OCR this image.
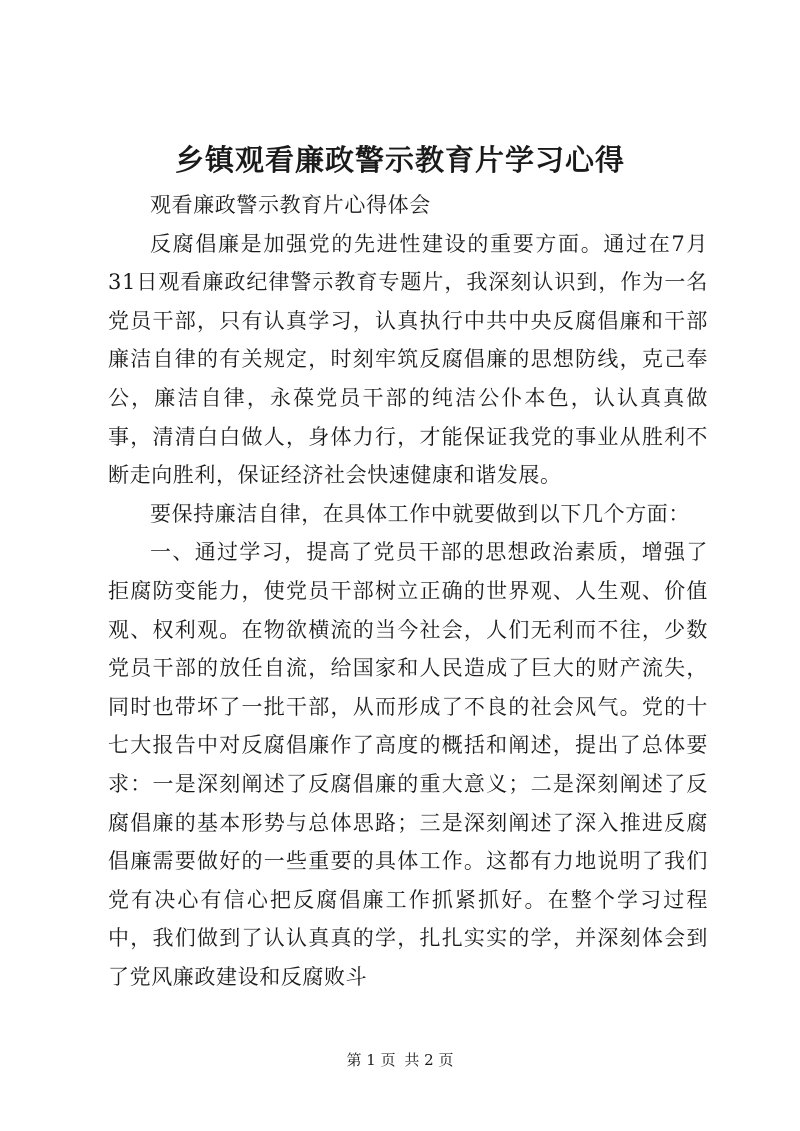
乡镇观看廉政警示教育片学习心得

观看廉政警示教育片心得体会

反腐倡廉是加强党的先进性建设的重要方面。通过在7月31日观看廉政纪律警示教育专题片，我深刻认识到，作为一名党员干部，只有认真学习，认真执行中共中央反腐倡廉和干部廉洁自律的有关规定，时刻牢筑反腐倡廉的思想防线，克己奉公，廉洁自律，永葆党员干部的纯洁公仆本色，认认真真做事，清清白白做人，身体力行，才能保证我党的事业从胜利不断走向胜利，保证经济社会快速健康和谐发展。

要保持廉洁自律，在具体工作中就要做到以下几个方面：

一、通过学习，提高了党员干部的思想政治素质，增强了拒腐防变能力，使党员干部树立正确的世界观、人生观、价值观、权利观。在物欲横流的当今社会，人们无利而不往，少数党员干部的放任自流，给国家和人民造成了巨大的财产流失，同时也带坏了一批干部，从而形成了不良的社会风气。党的十七大报告中对反腐倡廉作了高度的概括和阐述，提出了总体要求：一是深刻阐述了反腐倡廉的重大意义；二是深刻阐述了反腐倡廉的基本形势与总体思路；三是深刻阐述了深入推进反腐倡廉需要做好的一些重要的具体工作。这都有力地说明了我们党有决心有信心把反腐倡廉工作抓紧抓好。在整个学习过程中，我们做到了认认真真的学，扎扎实实的学，并深刻体会到了党风廉政建设和反腐败斗

第 1 页 共 2 页
